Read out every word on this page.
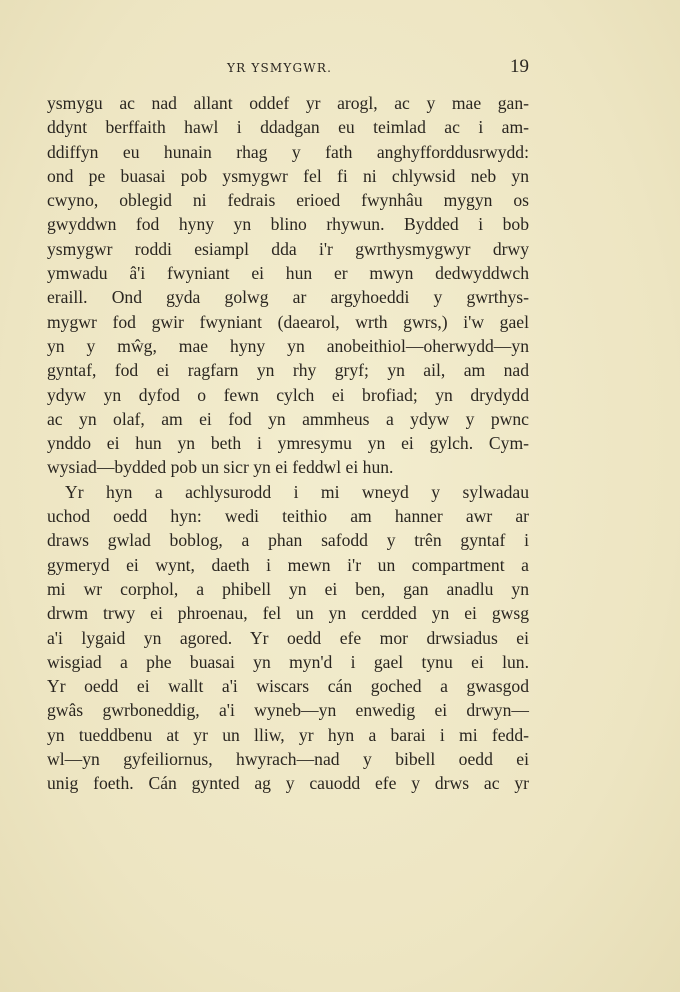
YR YSMYGWR.	19
ysmygu ac nad allant oddef yr arogl, ac y mae gan-
ddynt berffaith hawl i ddadgan eu teimlad ac i am-
ddiffyn eu hunain rhag y fath anghyfforddusrwydd:
ond pe buasai pob ysmygwr fel fi ni chlywsid neb yn
cwyno, oblegid ni fedrais erioed fwynhâu mygyn os
gwyddwn fod hyny yn blino rhywun. Bydded i bob
ysmygwr roddi esiampl dda i'r gwrthysmygwyr drwy
ymwadu â'i fwyniant ei hun er mwyn dedwyddwch
eraill. Ond gyda golwg ar argyhoeddi y gwrthys-
mygwr fod gwir fwyniant (daearol, wrth gwrs,) i'w gael
yn y mŵg, mae hyny yn anobeithiol—oherwydd—yn
gyntaf, fod ei ragfarn yn rhy gryf; yn ail, am nad
ydyw yn dyfod o fewn cylch ei brofiad; yn drydydd
ac yn olaf, am ei fod yn ammheus a ydyw y pwnc
ynddo ei hun yn beth i ymresymu yn ei gylch. Cym-
wysiad—bydded pob un sicr yn ei feddwl ei hun.
Yr hyn a achlysurodd i mi wneyd y sylwadau
uchod oedd hyn: wedi teithio am hanner awr ar
draws gwlad boblog, a phan safodd y trên gyntaf i
gymeryd ei wynt, daeth i mewn i'r un compartment a
mi wr corphol, a phibell yn ei ben, gan anadlu yn
drwm trwy ei phroenau, fel un yn cerdded yn ei gwsg
a'i lygaid yn agored. Yr oedd efe mor drwsiadus ei
wisgiad a phe buasai yn myn'd i gael tynu ei lun.
Yr oedd ei wallt a'i wiscars cán goched a gwasgod
gwâs gwrboneddig, a'i wyneb—yn enwedig ei drwyn—
yn tueddbenu at yr un lliw, yr hyn a barai i mi fedd-
wl—yn gyfeiliornus, hwyrach—nad y bibell oedd ei
unig foeth. Cán gynted ag y cauodd efe y drws ac yr
